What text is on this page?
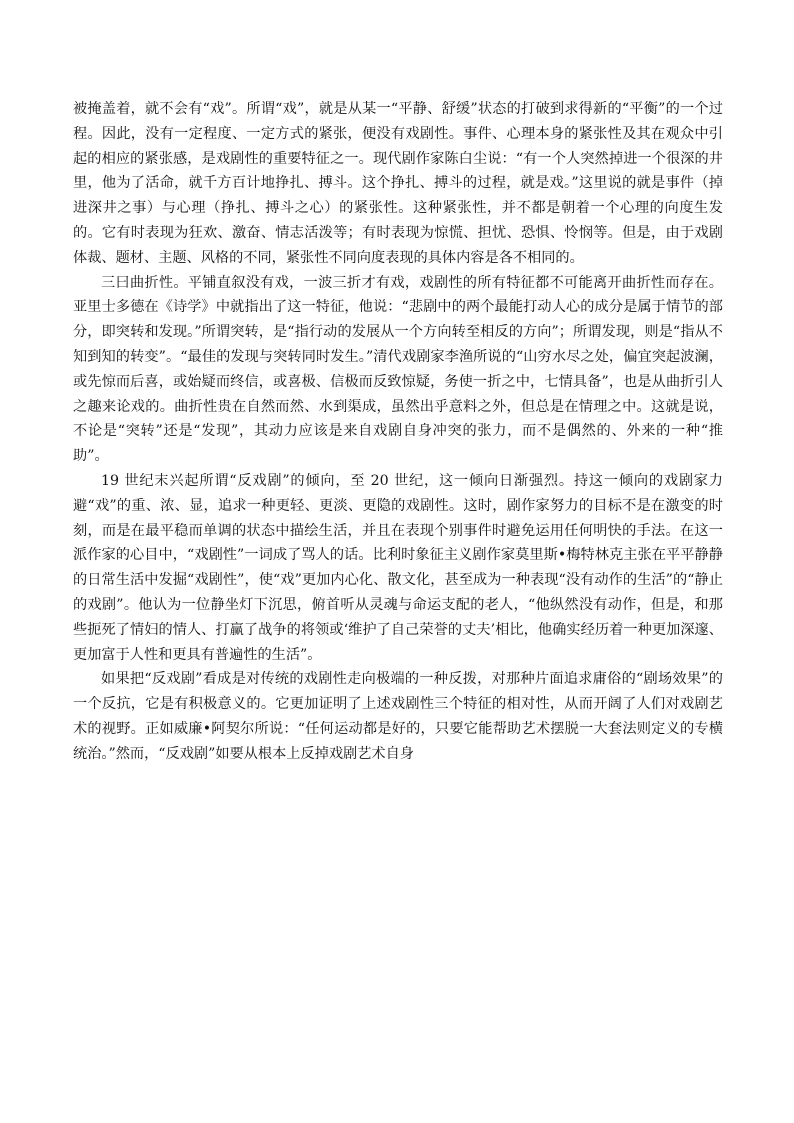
被掩盖着，就不会有“戏”。所谓“戏”，就是从某一“平静、舒缓”状态的打破到求得新的“平衡”的一个过程。因此，没有一定程度、一定方式的紧张，便没有戏剧性。事件、心理本身的紧张性及其在观众中引起的相应的紧张感，是戏剧性的重要特征之一。现代剧作家陈白尘说：“有一个人突然掉进一个很深的井里，他为了活命，就千方百计地挣扎、搏斗。这个挣扎、搏斗的过程，就是戏。”这里说的就是事件（掉进深井之事）与心理（挣扎、搏斗之心）的紧张性。这种紧张性，并不都是朝着一个心理的向度生发的。它有时表现为狂欢、激奋、情志活泼等；有时表现为惊慌、担忧、恐惧、怜悯等。但是，由于戏剧体裁、题材、主题、风格的不同，紧张性不同向度表现的具体内容是各不相同的。

三曰曲折性。平铺直叙没有戏，一波三折才有戏，戏剧性的所有特征都不可能离开曲折性而存在。亚里士多德在《诗学》中就指出了这一特征，他说：“悲剧中的两个最能打动人心的成分是属于情节的部分，即突转和发现。”所谓突转，是“指行动的发展从一个方向转至相反的方向”；所谓发现，则是“指从不知到知的转变”。“最佳的发现与突转同时发生。”清代戏剧家李渔所说的“山穷水尽之处，偏宜突起波澜，或先惊而后喜，或始疑而终信，或喜极、信极而反致惊疑，务使一折之中，七情具备”，也是从曲折引人之趣来论戏的。曲折性贵在自然而然、水到渠成，虽然出乎意料之外，但总是在情理之中。这就是说，不论是“突转”还是“发现”，其动力应该是来自戏剧自身冲突的张力，而不是偶然的、外来的一种“推助”。

19 世纪末兴起所谓“反戏剧”的倾向，至 20 世纪，这一倾向日渐强烈。持这一倾向的戏剧家力避“戏”的重、浓、显，追求一种更轻、更淡、更隐的戏剧性。这时，剧作家努力的目标不是在激变的时刻，而是在最平稳而单调的状态中描绘生活，并且在表现个别事件时避免运用任何明快的手法。在这一派作家的心目中，“戏剧性”一词成了骂人的话。比利时象征主义剧作家莫里斯•梅特林克主张在平平静静的日常生活中发掘“戏剧性”，使“戏”更加内心化、散文化，甚至成为一种表现“没有动作的生活”的“静止的戏剧”。他认为一位静坐灯下沉思，俯首听从灵魂与命运支配的老人，“他纵然没有动作，但是，和那些扼死了情妇的情人、打赢了战争的将领或‘维护了自己荣誉的丈夫’相比，他确实经历着一种更加深邃、更加富于人性和更具有普遍性的生活”。

如果把“反戏剧”看成是对传统的戏剧性走向极端的一种反拨，对那种片面追求庸俗的“剧场效果”的一个反抗，它是有积极意义的。它更加证明了上述戏剧性三个特征的相对性，从而开阔了人们对戏剧艺术的视野。正如威廉•阿契尔所说：“任何运动都是好的，只要它能帮助艺术摆脱一大套法则定义的专横统治。”然而，“反戏剧”如要从根本上反掉戏剧艺术自身
